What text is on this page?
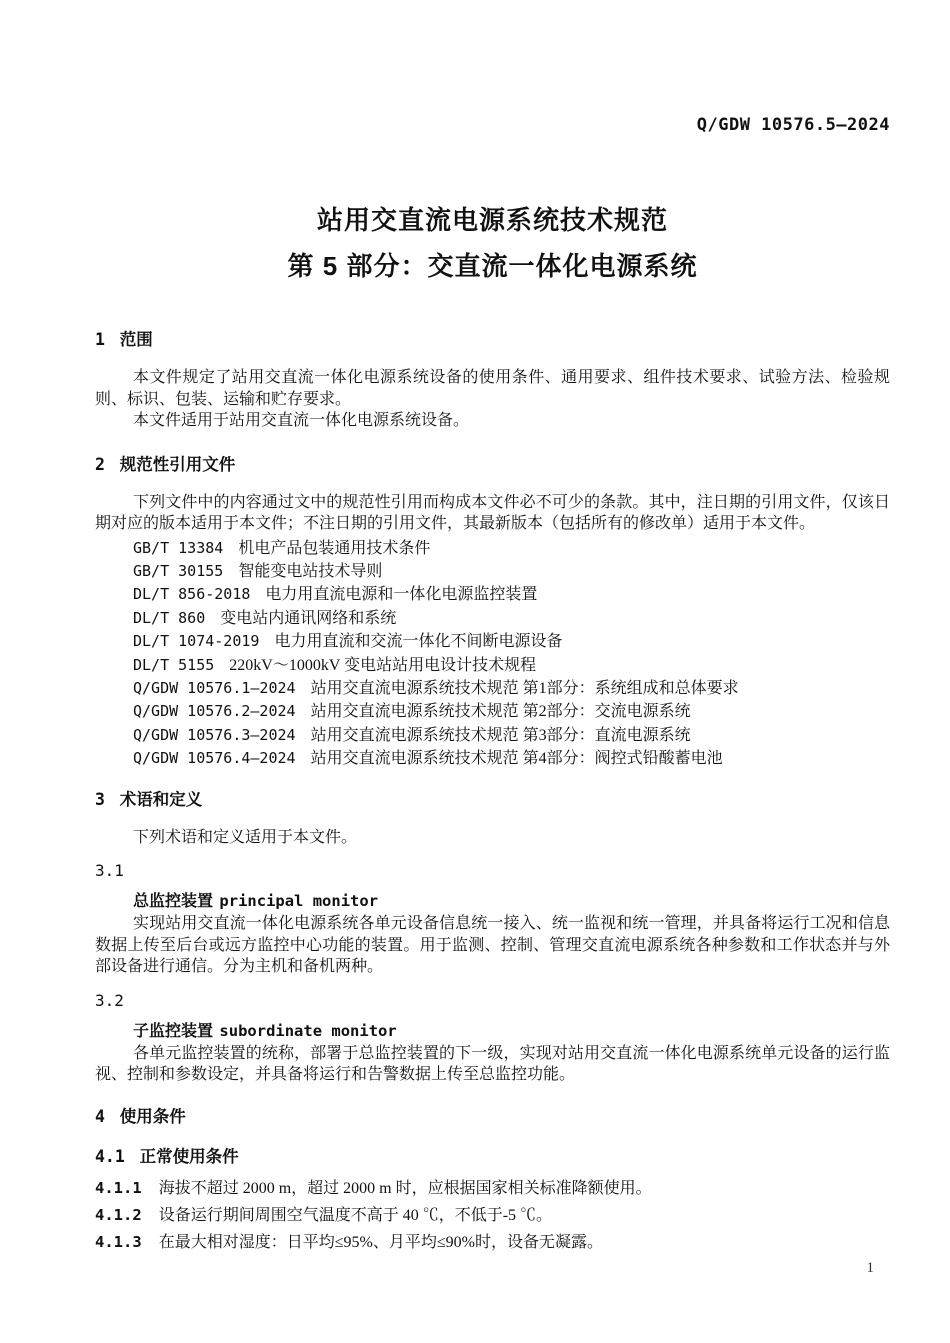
Q/GDW 10576.5—2024
站用交直流电源系统技术规范
第 5 部分：交直流一体化电源系统
1 范围

本文件规定了站用交直流一体化电源系统设备的使用条件、通用要求、组件技术要求、试验方法、检验规则、标识、包装、运输和贮存要求。

本文件适用于站用交直流一体化电源系统设备。

2 规范性引用文件

下列文件中的内容通过文中的规范性引用而构成本文件必不可少的条款。其中，注日期的引用文件，仅该日期对应的版本适用于本文件；不注日期的引用文件，其最新版本（包括所有的修改单）适用于本文件。

GB/T 13384 机电产品包装通用技术条件
GB/T 30155 智能变电站技术导则
DL/T 856-2018 电力用直流电源和一体化电源监控装置
DL/T 860 变电站内通讯网络和系统
DL/T 1074-2019 电力用直流和交流一体化不间断电源设备
DL/T 5155 220kV～1000kV 变电站站用电设计技术规程
Q/GDW 10576.1—2024 站用交直流电源系统技术规范 第1部分：系统组成和总体要求
Q/GDW 10576.2—2024 站用交直流电源系统技术规范 第2部分：交流电源系统
Q/GDW 10576.3—2024 站用交直流电源系统技术规范 第3部分：直流电源系统
Q/GDW 10576.4—2024 站用交直流电源系统技术规范 第4部分：阀控式铅酸蓄电池
3 术语和定义

下列术语和定义适用于本文件。

3.1
总监控装置 principal monitor

实现站用交直流一体化电源系统各单元设备信息统一接入、统一监视和统一管理，并具备将运行工况和信息数据上传至后台或远方监控中心功能的装置。用于监测、控制、管理交直流电源系统各种参数和工作状态并与外部设备进行通信。分为主机和备机两种。

3.2
子监控装置 subordinate monitor

各单元监控装置的统称，部署于总监控装置的下一级，实现对站用交直流一体化电源系统单元设备的运行监视、控制和参数设定，并具备将运行和告警数据上传至总监控功能。

4 使用条件
4.1 正常使用条件
4.1.1 海拔不超过 2000 m，超过 2000 m 时，应根据国家相关标准降额使用。
4.1.2 设备运行期间周围空气温度不高于 40 ℃，不低于-5 ℃。
4.1.3 在最大相对湿度：日平均≤95%、月平均≤90%时，设备无凝露。
1
